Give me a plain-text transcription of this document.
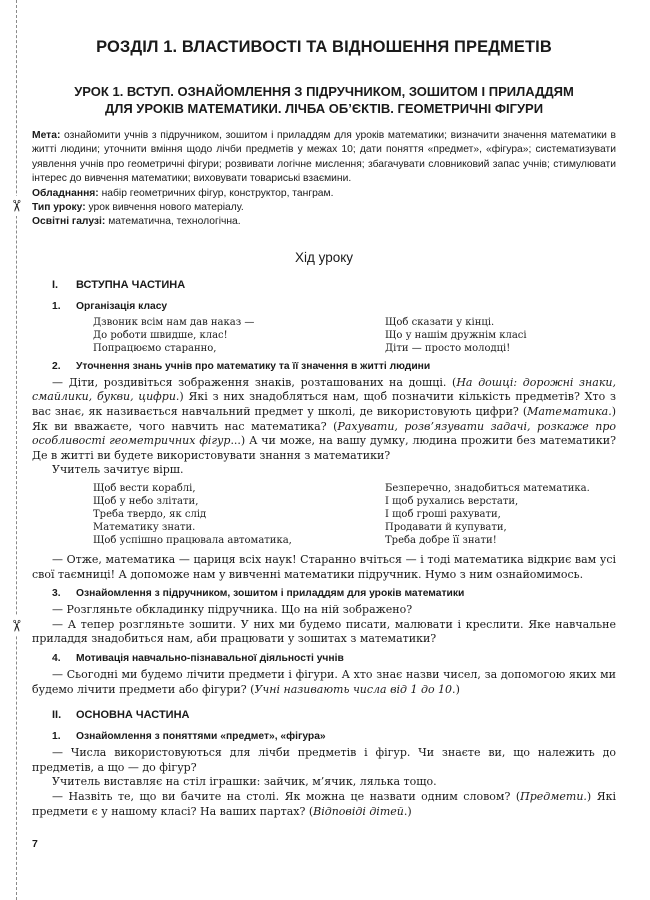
✂
✂
РОЗДІЛ 1. ВЛАСТИВОСТІ ТА ВІДНОШЕННЯ ПРЕДМЕТІВ
УРОК 1. ВСТУП. ОЗНАЙОМЛЕННЯ З ПІДРУЧНИКОМ, ЗОШИТОМ І ПРИЛАДДЯМ
ДЛЯ УРОКІВ МАТЕМАТИКИ. ЛІЧБА ОБ’ЄКТІВ. ГЕОМЕТРИЧНІ ФІГУРИ

Мета: ознайомити учнів з підручником, зошитом і приладдям для уроків математики; визначити значення математики в житті людини; уточнити вміння щодо лічби предметів у межах 10; дати поняття «предмет», «фігура»; систематизувати уявлення учнів про геометричні фігури; розвивати логічне мислення; збагачувати словниковий запас учнів; стимулювати інтерес до вивчення математики; виховувати товариські взаємини.

Обладнання: набір геометричних фігур, конструктор, танграм.

Тип уроку: урок вивчення нового матеріалу.

Освітні галузі: математична, технологічна.

Хід уроку
I.	ВСТУПНА ЧАСТИНА
1.	Організація класу
Дзвоник всім нам дав наказ —
До роботи швидше, клас!
Попрацюємо старанно,
Щоб сказати у кінці.
Що у нашім дружнім класі
Діти — просто молодці!
2.	Уточнення знань учнів про математику та її значення в житті людини

— Діти, роздивіться зображення знаків, розташованих на дошці. (На дошці: дорожні знаки, смайлики, букви, цифри.) Які з них знадобляться нам, щоб позначити кількість предметів? Хто з вас знає, як називається навчальний предмет у школі, де використовують цифри? (Математика.) Як ви вважаєте, чого навчить нас математика? (Рахувати, розв’язувати задачі, розкаже про особливості геометричних фігур...) А чи може, на вашу думку, людина прожити без математики? Де в житті ви будете використовувати знання з математики?

Учитель зачитує вірш.

Щоб вести кораблі,
Щоб у небо злітати,
Треба твердо, як слід
Математику знати.
Щоб успішно працювала автоматика,
Безперечно, знадобиться математика.
І щоб рухались верстати,
І щоб гроші рахувати,
Продавати й купувати,
Треба добре її знати!

— Отже, математика — цариця всіх наук! Старанно вчіться — і тоді математика відкриє вам усі свої таємниці! А допоможе нам у вивченні математики підручник. Нумо з ним ознайомимось.

3.	Ознайомлення з підручником, зошитом і приладдям для уроків математики

— Розгляньте обкладинку підручника. Що на ній зображено?

— А тепер розгляньте зошити. У них ми будемо писати, малювати і креслити. Яке навчальне приладдя знадобиться нам, аби працювати у зошитах з математики?

4.	Мотивація навчально-пізнавальної діяльності учнів

— Сьогодні ми будемо лічити предмети і фігури. А хто знає назви чисел, за допомогою яких ми будемо лічити предмети або фігури? (Учні називають числа від 1 до 10.)

II.	ОСНОВНА ЧАСТИНА
1.	Ознайомлення з поняттями «предмет», «фігура»

— Числа використовуються для лічби предметів і фігур. Чи знаєте ви, що належить до предметів, а що — до фігур?

Учитель виставляє на стіл іграшки: зайчик, м’ячик, лялька тощо.

— Назвіть те, що ви бачите на столі. Як можна це назвати одним словом? (Предмети.) Які предмети є у нашому класі? На ваших партах? (Відповіді дітей.)

7
